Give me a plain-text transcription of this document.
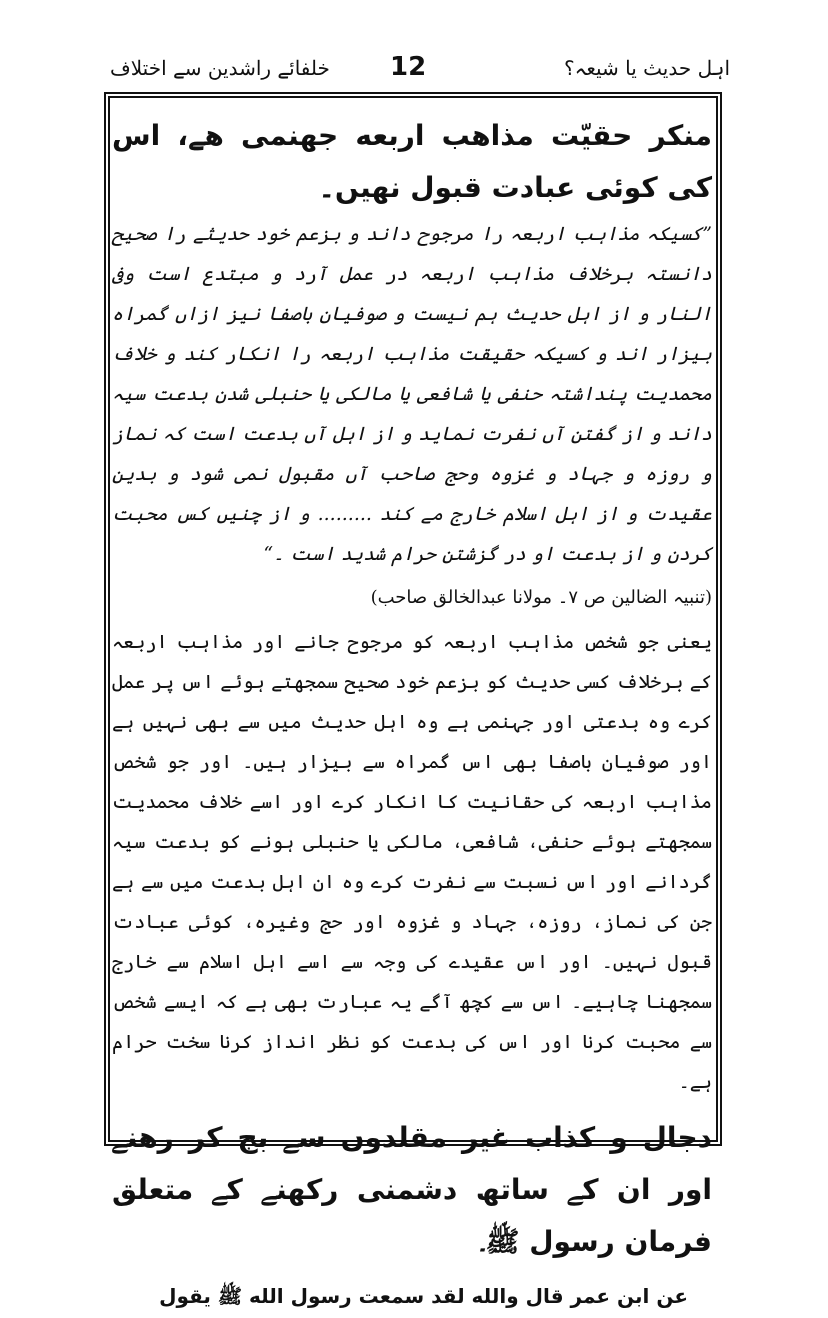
اہل حدیث یا شیعہ؟
12
خلفائے راشدین سے اختلاف

منکر حقیّت مذاهب اربعه جهنمی هے، اس کی کوئی عبادت قبول نهیں۔

”کسیکہ مذاہب اربعہ را مرجوح داند و بزعم خود حدیثے را صحیح دانستہ برخلاف مذاہب اربعہ در عمل آرد و مبتدع است وفی النار و از اہل حدیث ہم نیست و صوفیان باصفا نیز ازاں گمراہ بیزار اند و کسیکہ حقیقت مذاہب اربعہ را انکار کند و خلاف محمدیت پنداشتہ حنفی یا شافعی یا مالکی یا حنبلی شدن بدعت سیہ داند و از گفتن آں نفرت نماید و از اہل آں بدعت است کہ نماز و روزہ و جہاد و غزوہ وحج صاحب آں مقبول نمی شود و بدین عقیدت و از اہل اسلام خارج مے کند ......... و از چنیں کس محبت کردن و از بدعت او در گزشتن حرام شدید است ۔“

(تنبیہ الضالین ص ۷۔ مولانا عبدالخالق صاحب)

یعنی جو شخص مذاہب اربعہ کو مرجوح جانے اور مذاہب اربعہ کے برخلاف کسی حدیث کو بزعم خود صحیح سمجھتے ہوئے اس پر عمل کرے وہ بدعتی اور جہنمی ہے وہ اہل حدیث میں سے بھی نہیں ہے اور صوفیان باصفا بھی اس گمراہ سے بیزار ہیں۔ اور جو شخص مذاہب اربعہ کی حقانیت کا انکار کرے اور اسے خلاف محمدیت سمجھتے ہوئے حنفی، شافعی، مالکی یا حنبلی ہونے کو بدعت سیہ گردانے اور اس نسبت سے نفرت کرے وہ ان اہل بدعت میں سے ہے جن کی نماز، روزہ، جہاد و غزوہ اور حج وغیرہ، کوئی عبادت قبول نہیں۔ اور اس عقیدے کی وجہ سے اسے اہل اسلام سے خارج سمجھنا چاہیے۔ اس سے کچھ آگے یہ عبارت بھی ہے کہ ایسے شخص سے محبت کرنا اور اس کی بدعت کو نظر انداز کرنا سخت حرام ہے۔

دجال و کذاب غیر مقلدوں سے بچ کر رهنے اور ان کے ساتھ دشمنی رکھنے کے متعلق فرمان رسول ﷺ۔

عن ابن عمر قال والله لقد سمعت رسول الله ﷺ يقول
